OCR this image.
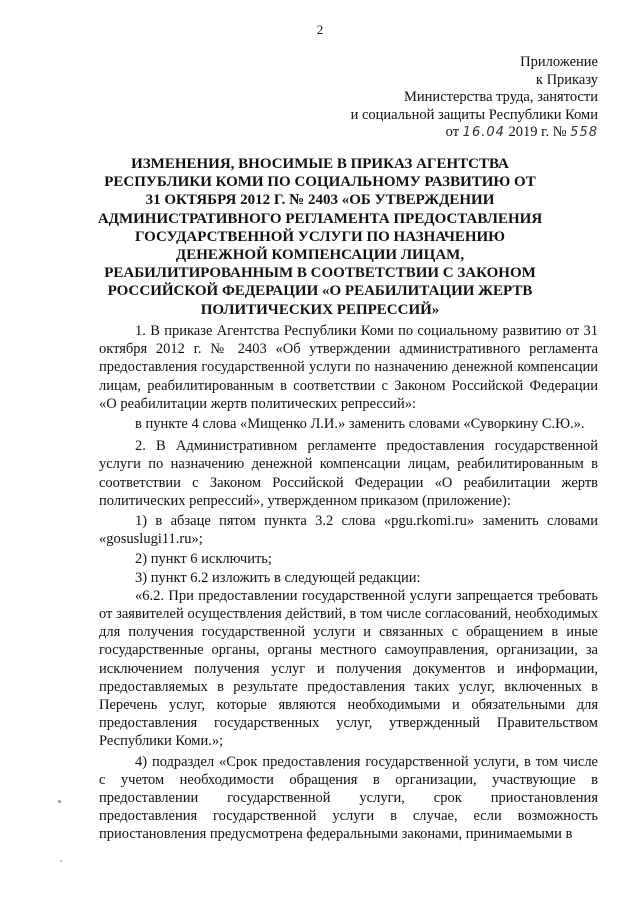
2
Приложение
к Приказу
Министерства труда, занятости
и социальной защиты Республики Коми
от 16.04 2019 г. № 558
ИЗМЕНЕНИЯ, ВНОСИМЫЕ В ПРИКАЗ АГЕНТСТВА РЕСПУБЛИКИ КОМИ ПО СОЦИАЛЬНОМУ РАЗВИТИЮ ОТ 31 ОКТЯБРЯ 2012 Г. № 2403 «ОБ УТВЕРЖДЕНИИ АДМИНИСТРАТИВНОГО РЕГЛАМЕНТА ПРЕДОСТАВЛЕНИЯ ГОСУДАРСТВЕННОЙ УСЛУГИ ПО НАЗНАЧЕНИЮ ДЕНЕЖНОЙ КОМПЕНСАЦИИ ЛИЦАМ, РЕАБИЛИТИРОВАННЫМ В СООТВЕТСТВИИ С ЗАКОНОМ РОССИЙСКОЙ ФЕДЕРАЦИИ «О РЕАБИЛИТАЦИИ ЖЕРТВ ПОЛИТИЧЕСКИХ РЕПРЕССИЙ»

1. В приказе Агентства Республики Коми по социальному развитию от 31 октября 2012 г. № 2403 «Об утверждении административного регламента предоставления государственной услуги по назначению денежной компенсации лицам, реабилитированным в соответствии с Законом Российской Федерации «О реабилитации жертв политических репрессий»:

в пункте 4 слова «Мищенко Л.И.» заменить словами «Суворкину С.Ю.».

2. В Административном регламенте предоставления государственной услуги по назначению денежной компенсации лицам, реабилитированным в соответствии с Законом Российской Федерации «О реабилитации жертв политических репрессий», утвержденном приказом (приложение):

1) в абзаце пятом пункта 3.2 слова «pgu.rkomi.ru» заменить словами «gosuslugi11.ru»;

2) пункт 6 исключить;

3) пункт 6.2 изложить в следующей редакции:

«6.2. При предоставлении государственной услуги запрещается требовать от заявителей осуществления действий, в том числе согласований, необходимых для получения государственной услуги и связанных с обращением в иные государственные органы, органы местного самоуправления, организации, за исключением получения услуг и получения документов и информации, предоставляемых в результате предоставления таких услуг, включенных в Перечень услуг, которые являются необходимыми и обязательными для предоставления государственных услуг, утвержденный Правительством Республики Коми.»;

4) подраздел «Срок предоставления государственной услуги, в том числе с учетом необходимости обращения в организации, участвующие в предоставлении государственной услуги, срок приостановления предоставления государственной услуги в случае, если возможность приостановления предусмотрена федеральными законами, принимаемыми в
